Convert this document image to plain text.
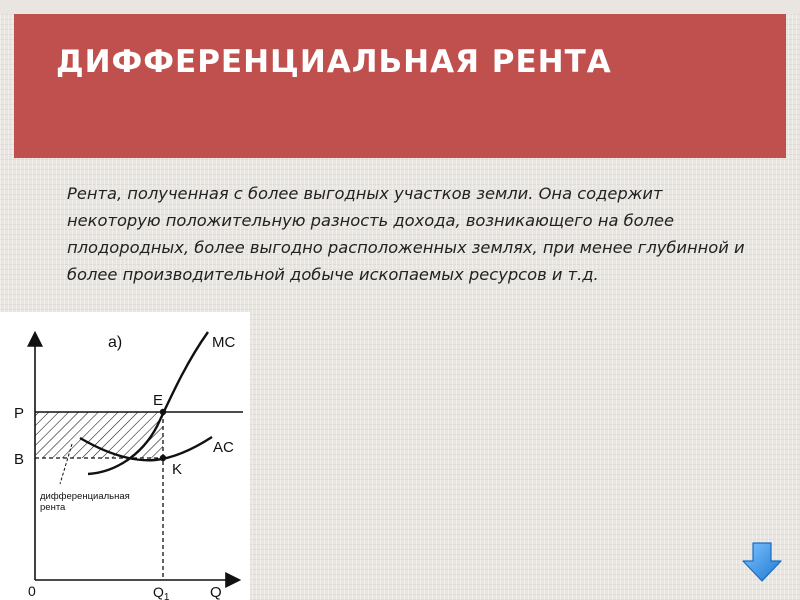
ДИФФЕРЕНЦИАЛЬНАЯ РЕНТА

Рента, полученная с более выгодных участков земли. Она содержит некоторую положительную разность дохода, возникающего на более плодородных, более выгодно расположенных землях, при менее глубинной и более производительной добыче ископаемых ресурсов и т.д.

а)	MC
AC
E
K
P
B
0	$Q_1$	Q
дифференциальная
рента
